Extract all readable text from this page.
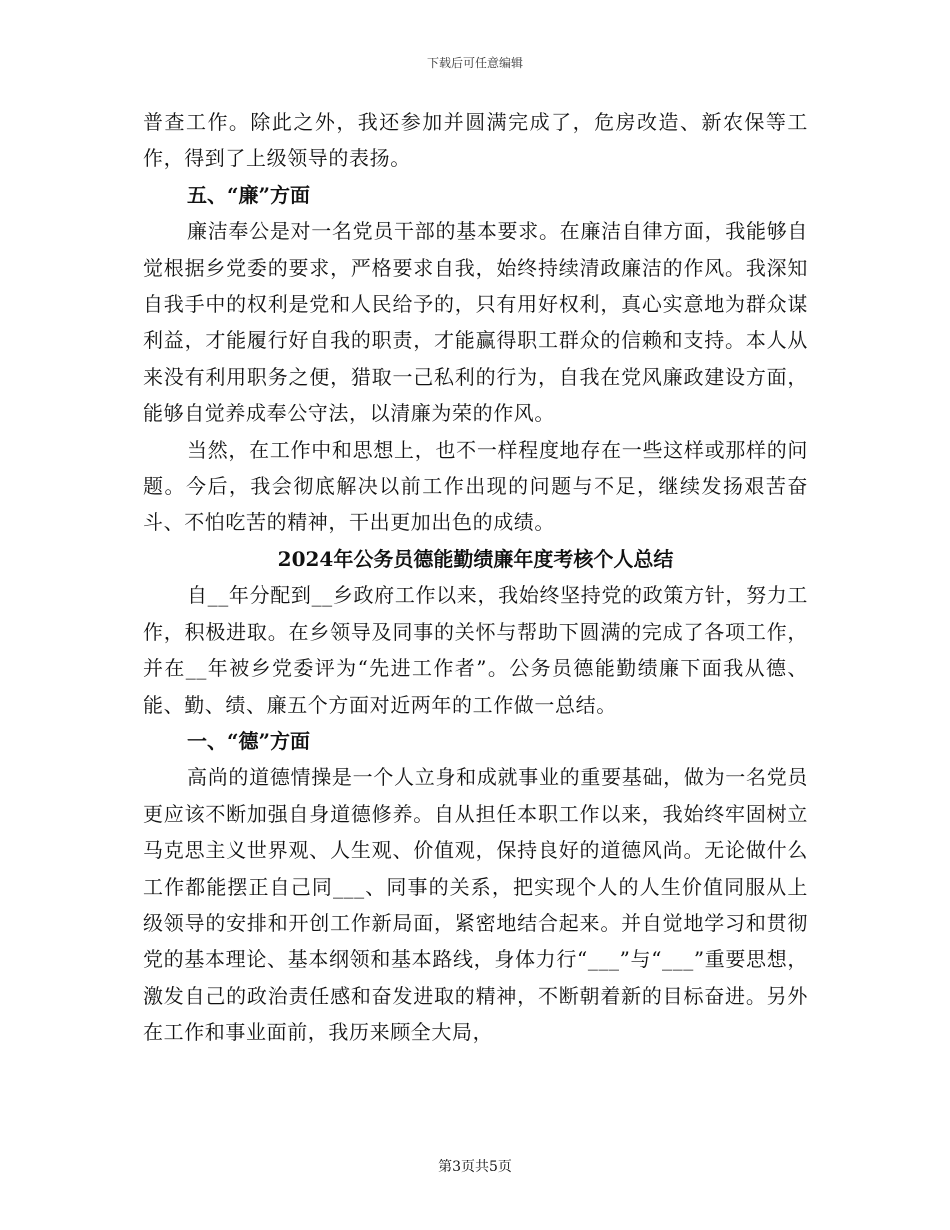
下载后可任意编辑

普查工作。除此之外，我还参加并圆满完成了，危房改造、新农保等工作，得到了上级领导的表扬。

五、“廉”方面

廉洁奉公是对一名党员干部的基本要求。在廉洁自律方面，我能够自觉根据乡党委的要求，严格要求自我，始终持续清政廉洁的作风。我深知自我手中的权利是党和人民给予的，只有用好权利，真心实意地为群众谋利益，才能履行好自我的职责，才能赢得职工群众的信赖和支持。本人从来没有利用职务之便，猎取一己私利的行为，自我在党风廉政建设方面，能够自觉养成奉公守法，以清廉为荣的作风。

当然，在工作中和思想上，也不一样程度地存在一些这样或那样的问题。今后，我会彻底解决以前工作出现的问题与不足，继续发扬艰苦奋斗、不怕吃苦的精神，干出更加出色的成绩。

2024年公务员德能勤绩廉年度考核个人总结

自__年分配到__乡政府工作以来，我始终坚持党的政策方针，努力工作，积极进取。在乡领导及同事的关怀与帮助下圆满的完成了各项工作，并在__年被乡党委评为“先进工作者”。公务员德能勤绩廉下面我从德、能、勤、绩、廉五个方面对近两年的工作做一总结。

一、“德”方面

高尚的道德情操是一个人立身和成就事业的重要基础，做为一名党员更应该不断加强自身道德修养。自从担任本职工作以来，我始终牢固树立马克思主义世界观、人生观、价值观，保持良好的道德风尚。无论做什么工作都能摆正自己同___、同事的关系，把实现个人的人生价值同服从上级领导的安排和开创工作新局面，紧密地结合起来。并自觉地学习和贯彻党的基本理论、基本纲领和基本路线，身体力行“___”与“___”重要思想，激发自己的政治责任感和奋发进取的精神，不断朝着新的目标奋进。另外在工作和事业面前，我历来顾全大局，

第3页共5页
